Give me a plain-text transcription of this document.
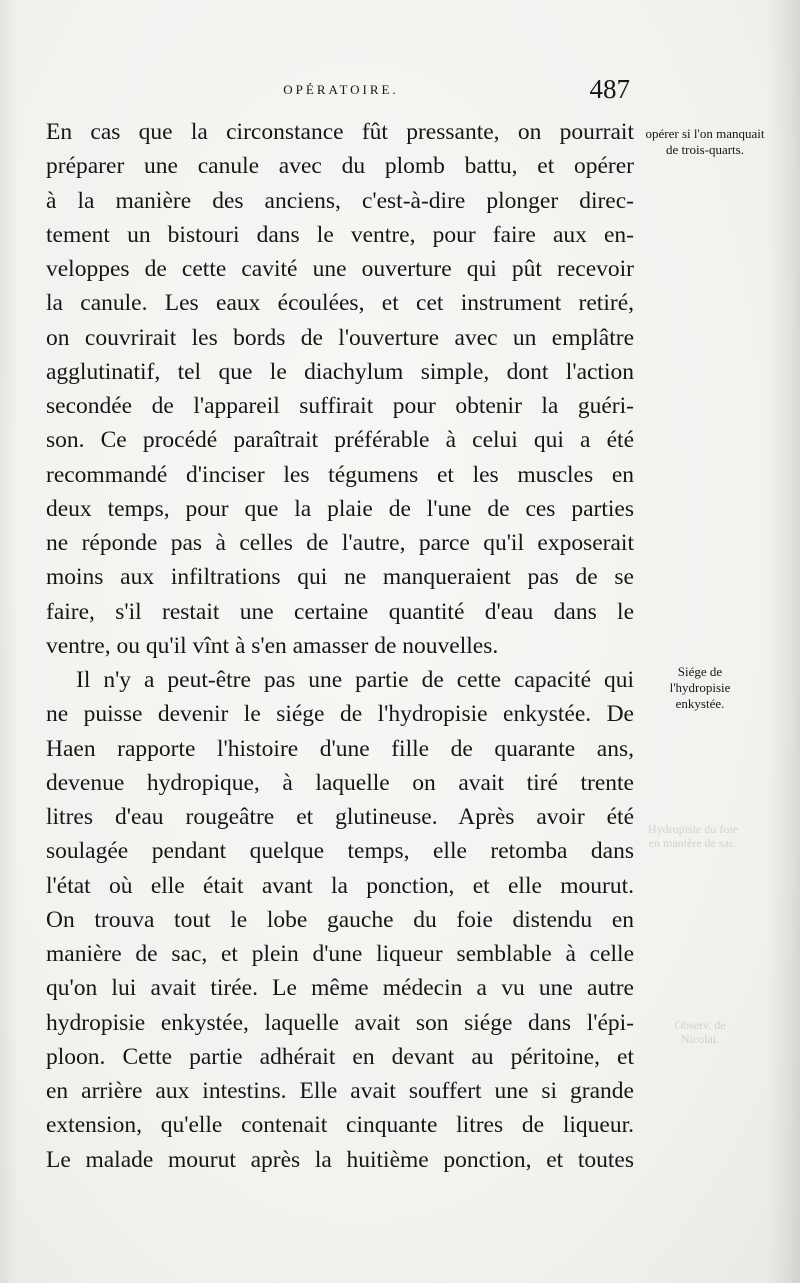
OPÉRATOIRE.	487
En cas que la circonstance fût pressante, on pourrait
préparer une canule avec du plomb battu, et opérer
à la manière des anciens, c'est-à-dire plonger direc-
tement un bistouri dans le ventre, pour faire aux en-
veloppes de cette cavité une ouverture qui pût recevoir
la canule. Les eaux écoulées, et cet instrument retiré,
on couvrirait les bords de l'ouverture avec un emplâtre
agglutinatif, tel que le diachylum simple, dont l'action
secondée de l'appareil suffirait pour obtenir la guéri-
son. Ce procédé paraîtrait préférable à celui qui a été
recommandé d'inciser les tégumens et les muscles en
deux temps, pour que la plaie de l'une de ces parties
ne réponde pas à celles de l'autre, parce qu'il exposerait
moins aux infiltrations qui ne manqueraient pas de se
faire, s'il restait une certaine quantité d'eau dans le
ventre, ou qu'il vînt à s'en amasser de nouvelles.
Il n'y a peut-être pas une partie de cette capacité qui
ne puisse devenir le siége de l'hydropisie enkystée. De
Haen rapporte l'histoire d'une fille de quarante ans,
devenue hydropique, à laquelle on avait tiré trente
litres d'eau rougeâtre et glutineuse. Après avoir été
soulagée pendant quelque temps, elle retomba dans
l'état où elle était avant la ponction, et elle mourut.
On trouva tout le lobe gauche du foie distendu en
manière de sac, et plein d'une liqueur semblable à celle
qu'on lui avait tirée. Le même médecin a vu une autre
hydropisie enkystée, laquelle avait son siége dans l'épi-
ploon. Cette partie adhérait en devant au péritoine, et
en arrière aux intestins. Elle avait souffert une si grande
extension, qu'elle contenait cinquante litres de liqueur.
Le malade mourut après la huitième ponction, et toutes
opérer si l'on manquait de trois-quarts.
Siége de l'hydropisie enkystée.
Hydropisie du foie en manière de sac.
Observ. de Nicolai.
